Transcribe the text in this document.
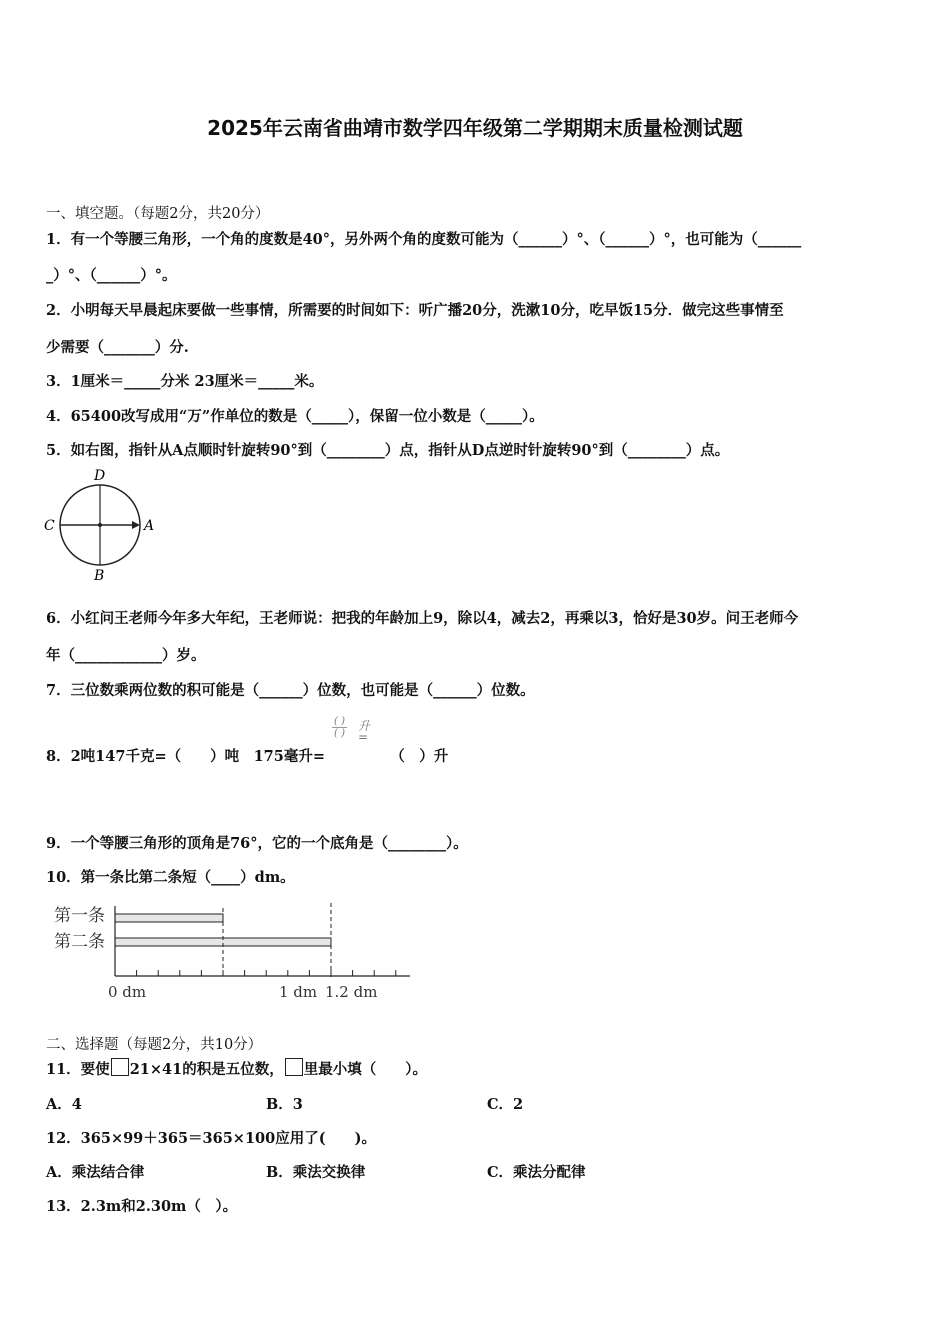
2025年云南省曲靖市数学四年级第二学期期末质量检测试题
一、填空题。（每题2分，共20分）
1．有一个等腰三角形，一个角的度数是40°，另外两个角的度数可能为（______）°、（______）°，也可能为（______
_）°、（______）°。
2．小明每天早晨起床要做一些事情，所需要的时间如下：听广播20分，洗漱10分，吃早饭15分．做完这些事情至
少需要（_______）分.
3．1厘米＝_____分米 23厘米＝_____米。
4．65400改写成用“万”作单位的数是（_____），保留一位小数是（_____）。
5．如右图，指针从A点顺时针旋转90°到（________）点，指针从D点逆时针旋转90°到（________）点。
D
C	A
B
6．小红问王老师今年多大年纪，王老师说：把我的年龄加上9，除以4，减去2，再乘以3，恰好是30岁。问王老师今
年（____________）岁。
7．三位数乘两位数的积可能是（______）位数，也可能是（______）位数。
( ) 升 =
( )
8．2吨147千克=（　　）吨　175毫升=　　　　　（　）升
9．一个等腰三角形的顶角是76°，它的一个底角是（________）。
10．第一条比第二条短（____）dm。
第一条
第二条
0 dm	1 dm 1.2 dm
二、选择题（每题2分，共10分）
11．要使 21×41的积是五位数， 里最小填（　　）。
A．4	B．3	C．2
12．365×99＋365＝365×100应用了(　　)。
A．乘法结合律	B．乘法交换律	C．乘法分配律
13．2.3m和2.30m（　）。
